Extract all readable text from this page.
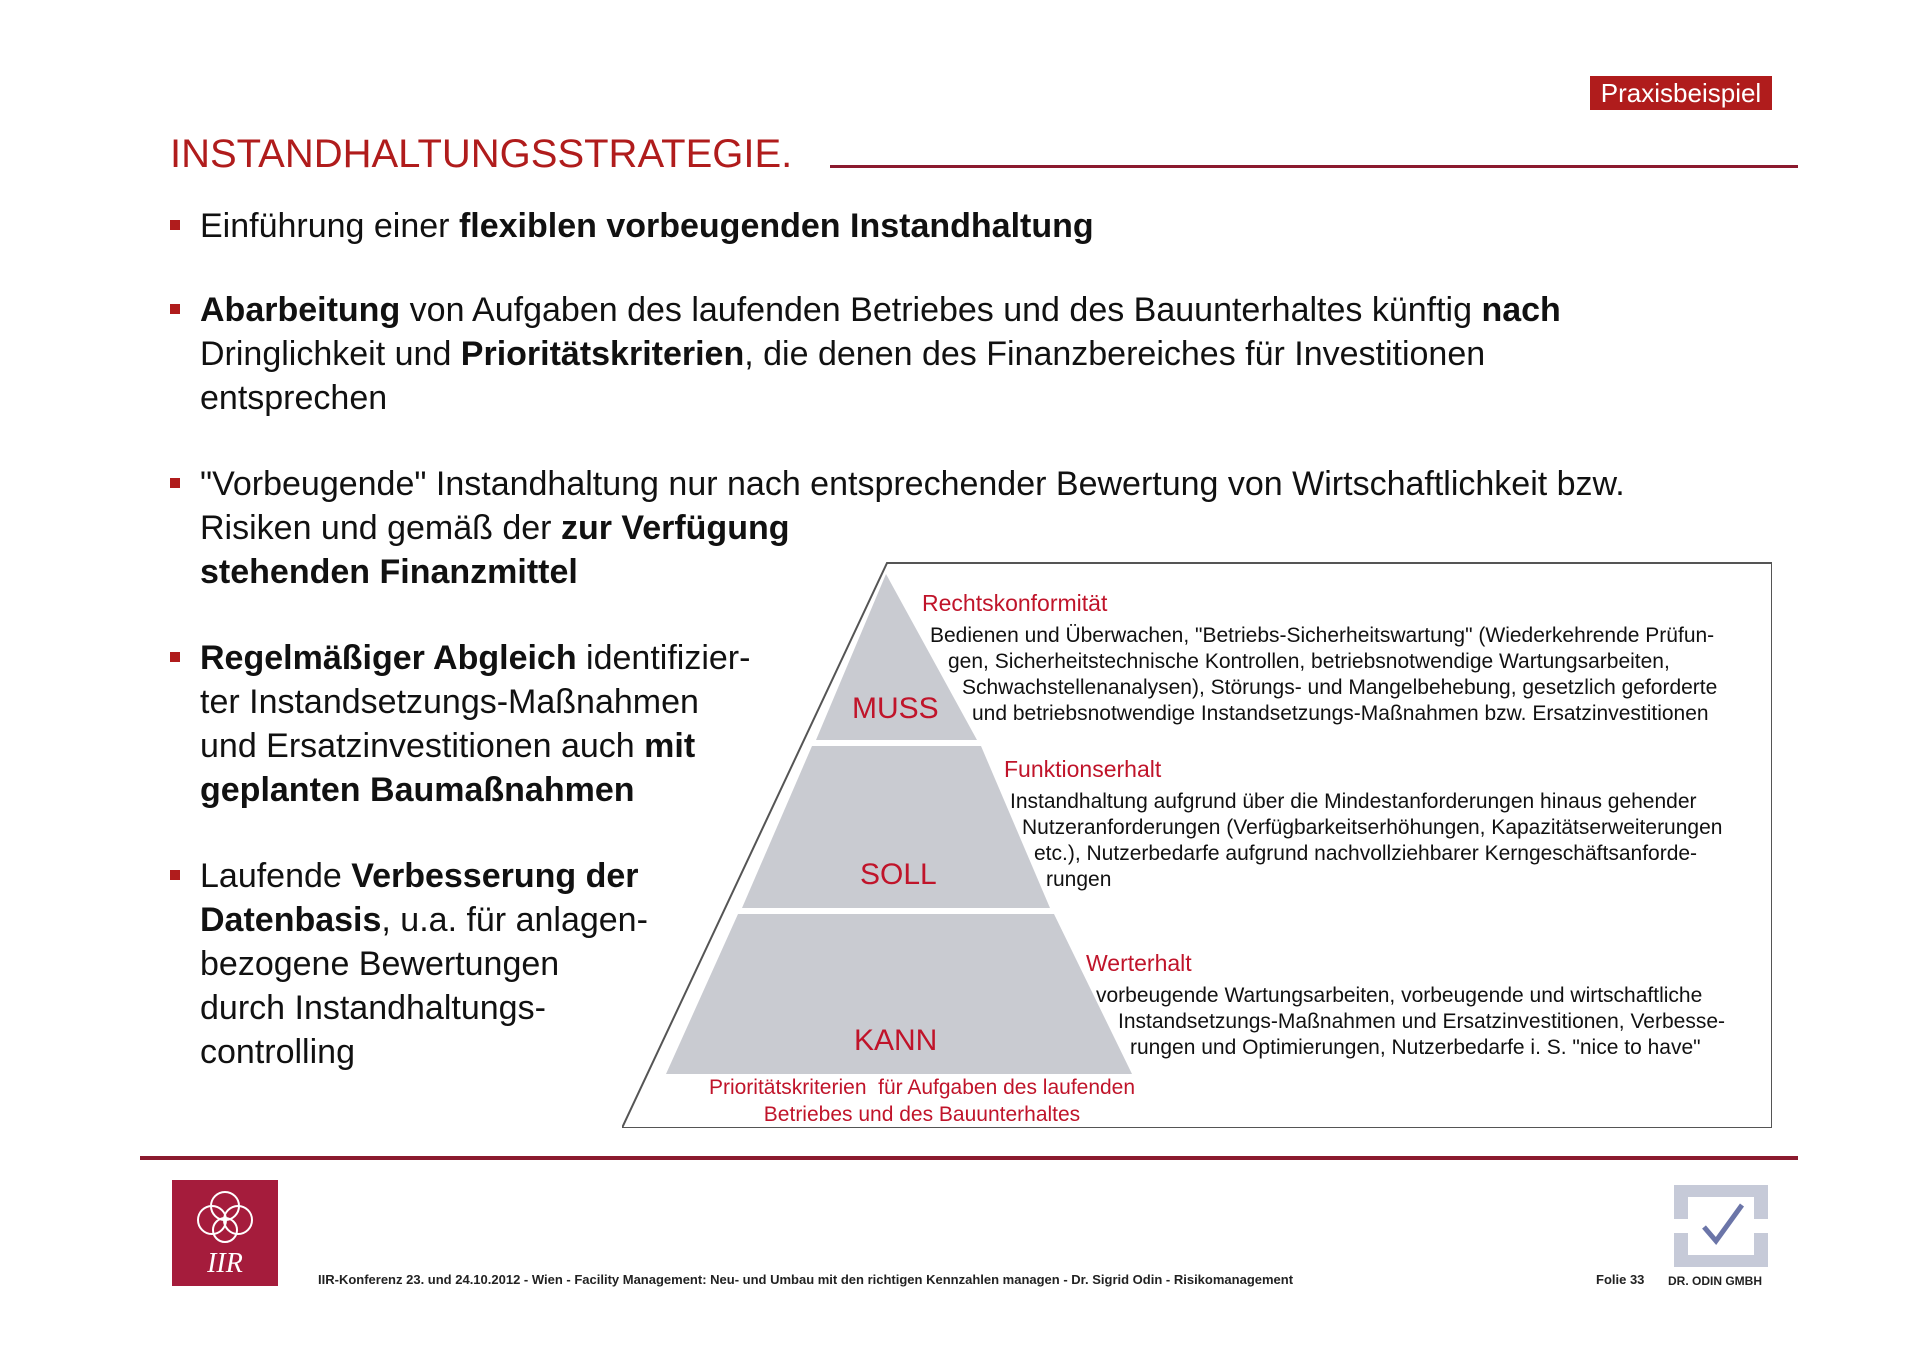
Praxisbeispiel
INSTANDHALTUNGSSTRATEGIE.
Einführung einer flexiblen vorbeugenden Instandhaltung
Abarbeitung von Aufgaben des laufenden Betriebes und des Bauunterhaltes künftig nach
Dringlichkeit und Prioritätskriterien, die denen des Finanzbereiches für Investitionen
entsprechen
"Vorbeugende" Instandhaltung nur nach entsprechender Bewertung von Wirtschaftlichkeit bzw.
Risiken und gemäß der zur Verfügung
stehenden Finanzmittel
Regelmäßiger Abgleich identifizier-
ter Instandsetzungs-Maßnahmen
und Ersatzinvestitionen auch mit
geplanten Baumaßnahmen
Laufende Verbesserung der
Datenbasis, u.a. für anlagen-
bezogene Bewertungen
durch Instandhaltungs-
controlling
MUSS
SOLL
KANN
Rechtskonformität
Bedienen und Überwachen, "Betriebs-Sicherheitswartung" (Wiederkehrende Prüfun-
gen, Sicherheitstechnische Kontrollen, betriebsnotwendige Wartungsarbeiten,
Schwachstellenanalysen), Störungs- und Mangelbehebung, gesetzlich geforderte
und betriebsnotwendige Instandsetzungs-Maßnahmen bzw. Ersatzinvestitionen
Funktionserhalt
Instandhaltung aufgrund über die Mindestanforderungen hinaus gehender
Nutzeranforderungen (Verfügbarkeitserhöhungen, Kapazitätserweiterungen
etc.), Nutzerbedarfe aufgrund nachvollziehbarer Kerngeschäftsanforde-
rungen
Werterhalt
vorbeugende Wartungsarbeiten, vorbeugende und wirtschaftliche
Instandsetzungs-Maßnahmen und Ersatzinvestitionen, Verbesse-
rungen und Optimierungen, Nutzerbedarfe i. S. "nice to have"
Prioritätskriterien  für Aufgaben des laufenden
Betriebes und des Bauunterhaltes
IIR
IIR-Konferenz 23. und 24.10.2012 - Wien - Facility Management: Neu- und Umbau mit den richtigen Kennzahlen managen - Dr. Sigrid Odin - Risikomanagement	Folie 33 DR. ODIN GMBH
